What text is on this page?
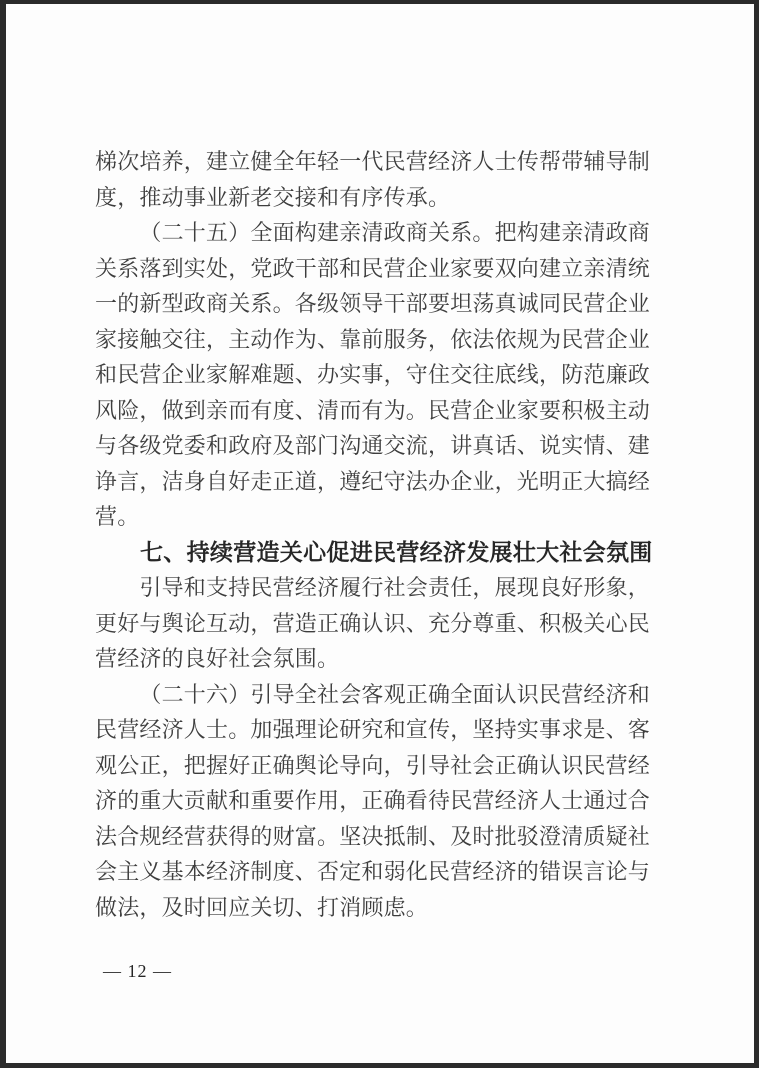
梯次培养，建立健全年轻一代民营经济人士传帮带辅导制
度，推动事业新老交接和有序传承。
（二十五）全面构建亲清政商关系。把构建亲清政商
关系落到实处，党政干部和民营企业家要双向建立亲清统
一的新型政商关系。各级领导干部要坦荡真诚同民营企业
家接触交往，主动作为、靠前服务，依法依规为民营企业
和民营企业家解难题、办实事，守住交往底线，防范廉政
风险，做到亲而有度、清而有为。民营企业家要积极主动
与各级党委和政府及部门沟通交流，讲真话、说实情、建
诤言，洁身自好走正道，遵纪守法办企业，光明正大搞经
营。
七、持续营造关心促进民营经济发展壮大社会氛围
引导和支持民营经济履行社会责任，展现良好形象，
更好与舆论互动，营造正确认识、充分尊重、积极关心民
营经济的良好社会氛围。
（二十六）引导全社会客观正确全面认识民营经济和
民营经济人士。加强理论研究和宣传，坚持实事求是、客
观公正，把握好正确舆论导向，引导社会正确认识民营经
济的重大贡献和重要作用，正确看待民营经济人士通过合
法合规经营获得的财富。坚决抵制、及时批驳澄清质疑社
会主义基本经济制度、否定和弱化民营经济的错误言论与
做法，及时回应关切、打消顾虑。
— 12 —
